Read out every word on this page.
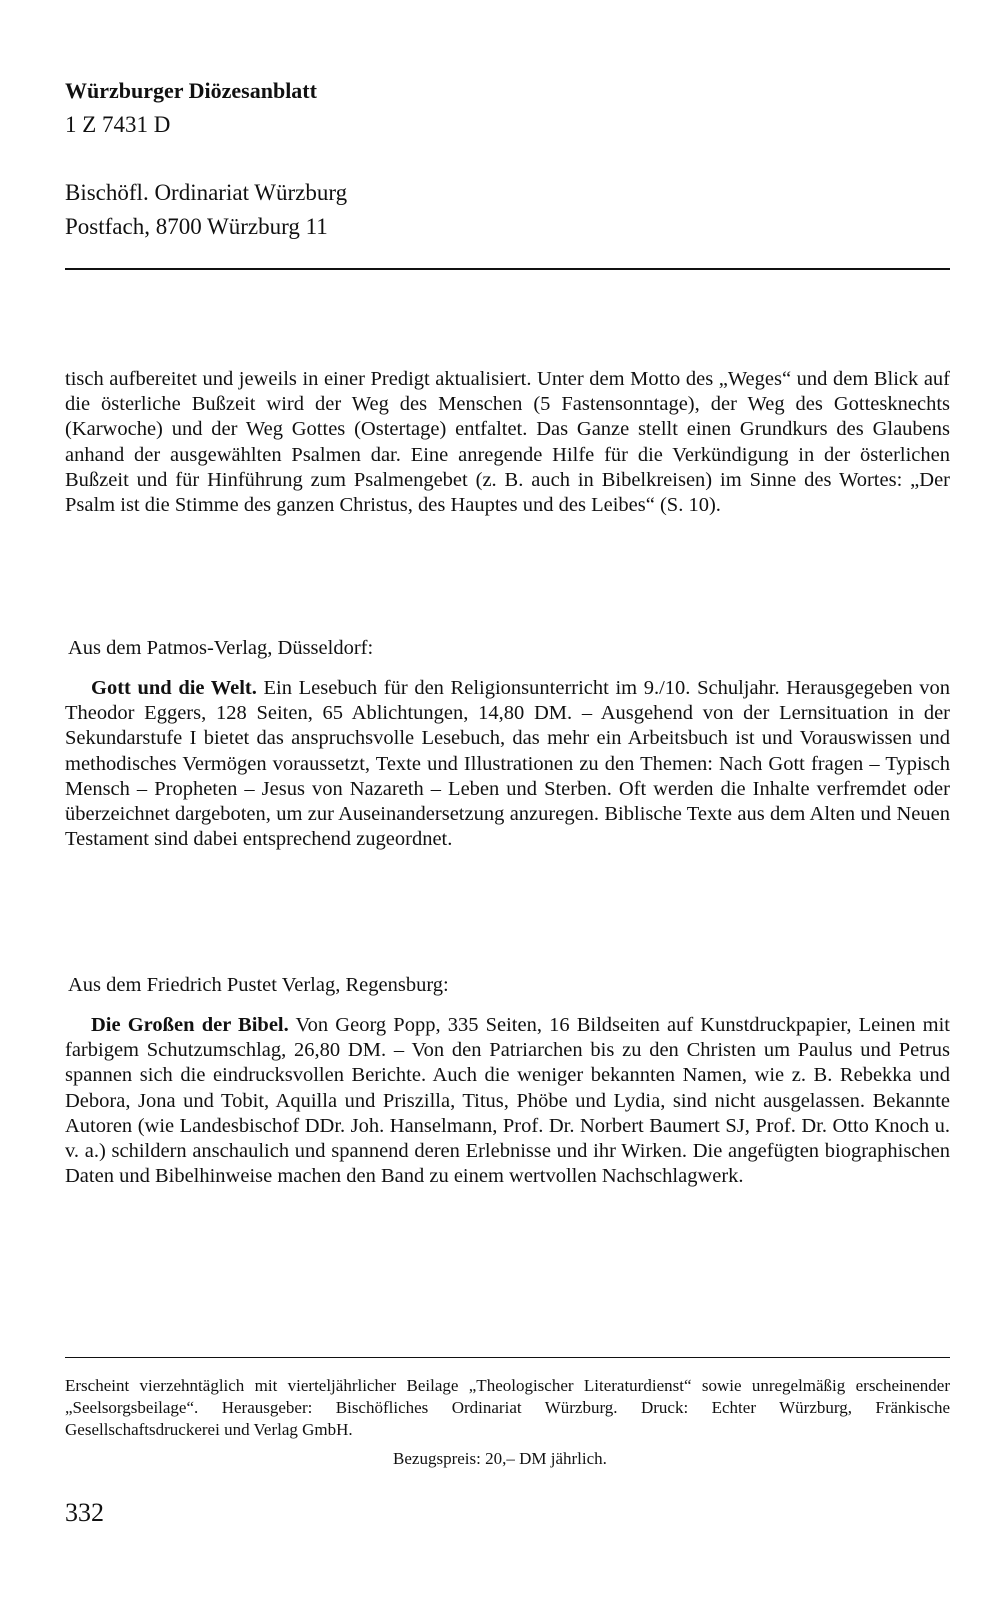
Würzburger Diözesanblatt

1 Z 7431 D

Bischöfl. Ordinariat Würzburg

Postfach, 8700 Würzburg 11

tisch aufbereitet und jeweils in einer Predigt aktualisiert. Unter dem Motto des „Weges“ und dem Blick auf die österliche Bußzeit wird der Weg des Menschen (5 Fastensonntage), der Weg des Gottesknechts (Karwoche) und der Weg Gottes (Ostertage) entfaltet. Das Ganze stellt einen Grundkurs des Glaubens anhand der ausgewählten Psalmen dar. Eine anregende Hilfe für die Verkündigung in der österlichen Bußzeit und für Hinführung zum Psalmengebet (z. B. auch in Bibelkreisen) im Sinne des Wortes: „Der Psalm ist die Stimme des ganzen Christus, des Hauptes und des Leibes“ (S. 10).

Aus dem Patmos-Verlag, Düsseldorf:

Gott und die Welt. Ein Lesebuch für den Religionsunterricht im 9./10. Schuljahr. Herausgegeben von Theodor Eggers, 128 Seiten, 65 Ablichtungen, 14,80 DM. – Ausgehend von der Lernsituation in der Sekundarstufe I bietet das anspruchsvolle Lesebuch, das mehr ein Arbeitsbuch ist und Vorauswissen und methodisches Vermögen voraussetzt, Texte und Illustrationen zu den Themen: Nach Gott fragen – Typisch Mensch – Propheten – Jesus von Nazareth – Leben und Sterben. Oft werden die Inhalte verfremdet oder überzeichnet dargeboten, um zur Auseinandersetzung anzuregen. Biblische Texte aus dem Alten und Neuen Testament sind dabei entsprechend zugeordnet.

Aus dem Friedrich Pustet Verlag, Regensburg:

Die Großen der Bibel. Von Georg Popp, 335 Seiten, 16 Bildseiten auf Kunstdruckpapier, Leinen mit farbigem Schutzumschlag, 26,80 DM. – Von den Patriarchen bis zu den Christen um Paulus und Petrus spannen sich die eindrucksvollen Berichte. Auch die weniger bekannten Namen, wie z. B. Rebekka und Debora, Jona und Tobit, Aquilla und Priszilla, Titus, Phöbe und Lydia, sind nicht ausgelassen. Bekannte Autoren (wie Landesbischof DDr. Joh. Hanselmann, Prof. Dr. Norbert Baumert SJ, Prof. Dr. Otto Knoch u. v. a.) schildern anschaulich und spannend deren Erlebnisse und ihr Wirken. Die angefügten biographischen Daten und Bibelhinweise machen den Band zu einem wertvollen Nachschlagwerk.

Erscheint vierzehntäglich mit vierteljährlicher Beilage „Theologischer Literaturdienst“ sowie unregelmäßig erscheinender „Seelsorgsbeilage“. Herausgeber: Bischöfliches Ordinariat Würzburg. Druck: Echter Würzburg, Fränkische Gesellschaftsdruckerei und Verlag GmbH.

Bezugspreis: 20,– DM jährlich.

332
